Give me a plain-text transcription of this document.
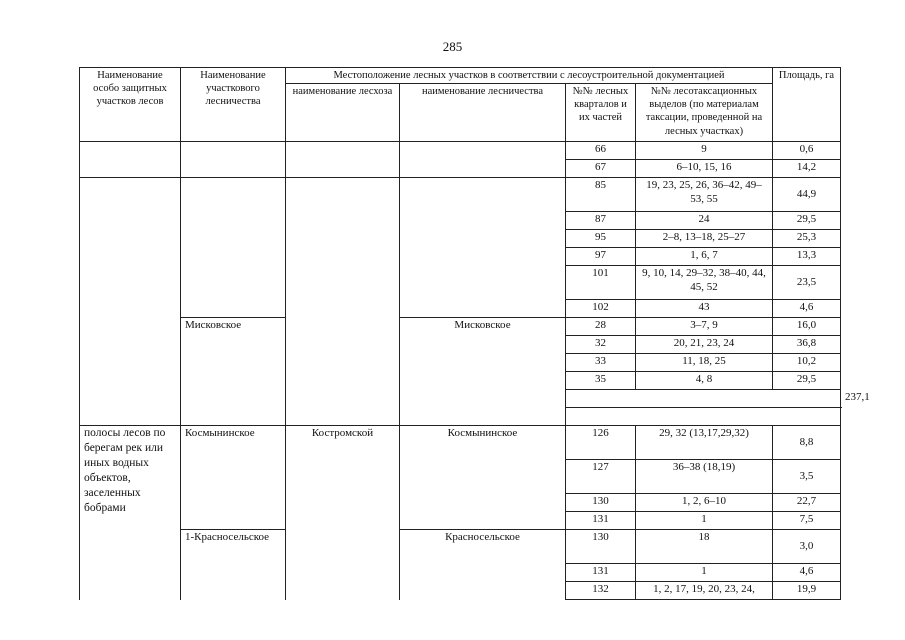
285
Наименование особо защитных участков лесов	Наименование участкового лесничества	Местоположение лесных участков в соответствии с лесоустроительной документацией				Площадь, га	
		наименование лесхоза	наименование лесничества	№№ лесных кварталов и их частей	№№ лесотаксационных выделов (по материалам таксации, проведенной на лесных участках)		
				66	9	0,6	
				67	6–10, 15, 16	14,2	
				85	19, 23, 25, 26, 36–42, 49–53, 55	44,9	
				87	24	29,5	
				95	2–8, 13–18, 25–27	25,3	
				97	1, 6, 7	13,3	
				101	9, 10, 14, 29–32, 38–40, 44, 45, 52	23,5	
				102	43	4,6	
	Мисковское		Мисковское	28	3–7, 9	16,0	
				32	20, 21, 23, 24	36,8	
				33	11, 18, 25	10,2	
				35	4, 8	29,5	
							237,1

полосы лесов по берегам рек или иных водных объектов, заселенных бобрами	Космынинское	Костромской	Космынинское	126	29, 32 (13,17,29,32)	8,8	
				127	36–38 (18,19)	3,5	
				130	1, 2, 6–10	22,7	
				131	1	7,5	
	1-Красносельское		Красносельское	130	18	3,0	
				131	1	4,6	
				132	1, 2, 17, 19, 20, 23, 24,	19,9	
